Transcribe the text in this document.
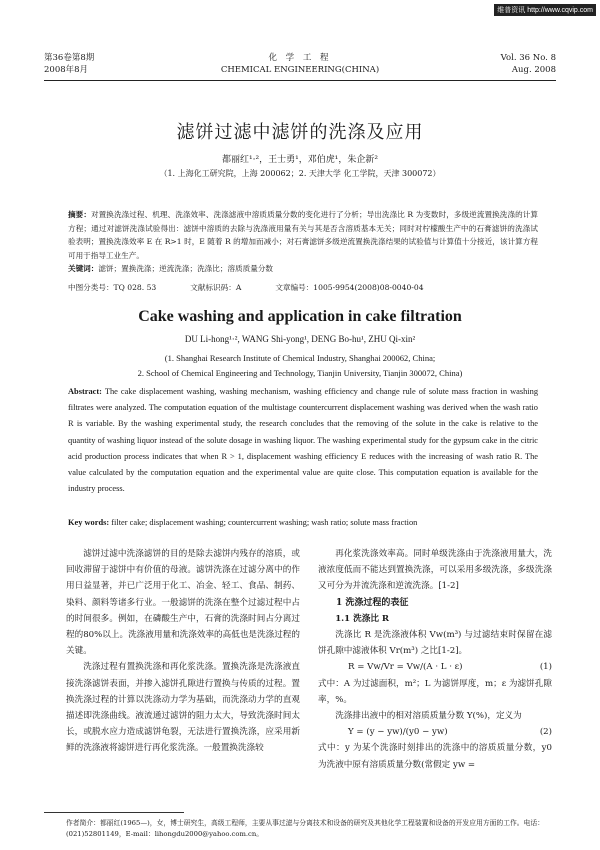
维普资讯 http://www.cqvip.com
第36卷第8期
2008年8月
化 学 工 程
CHEMICAL ENGINEERING(CHINA)
Vol. 36 No. 8
Aug. 2008
滤饼过滤中滤饼的洗涤及应用
都丽红¹·²，王士勇¹，邓伯虎¹，朱企新²
（1. 上海化工研究院，上海 200062；2. 天津大学 化工学院，天津 300072）
摘要：对置换洗涤过程、机理、洗涤效率、洗涤滤液中溶质质量分数的变化进行了分析；导出洗涤比 R 为变数时，多级逆流置换洗涤的计算方程；通过对滤饼洗涤试验得出：滤饼中溶质的去除与洗涤液用量有关与其是否含溶质基本无关；同时对柠檬酸生产中的石膏滤饼的洗涤试验表明；置换洗涤效率 E 在 R>1 时，E 随着 R 的增加而减小；对石膏滤饼多级逆流置换洗涤结果的试验值与计算值十分接近，该计算方程可用于指导工业生产。
关键词：滤饼；置换洗涤；逆流洗涤；洗涤比；溶质质量分数
中图分类号：TQ 028. 53	文献标识码：A	文章编号：1005-9954(2008)08-0040-04
Cake washing and application in cake filtration
DU Li-hong¹·², WANG Shi-yong¹, DENG Bo-hu¹, ZHU Qi-xin²
(1. Shanghai Research Institute of Chemical Industry, Shanghai 200062, China;
2. School of Chemical Engineering and Technology, Tianjin University, Tianjin 300072, China)
Abstract: The cake displacement washing, washing mechanism, washing efficiency and change rule of solute mass fraction in washing filtrates were analyzed. The computation equation of the multistage countercurrent displacement washing was derived when the wash ratio R is variable. By the washing experimental study, the research concludes that the removing of the solute in the cake is relative to the quantity of washing liquor instead of the solute dosage in washing liquor. The washing experimental study for the gypsum cake in the citric acid production process indicates that when R > 1, displacement washing efficiency E reduces with the increasing of wash ratio R. The value calculated by the computation equation and the experimental value are quite close. This computation equation is available for the industry process.
Key words: filter cake; displacement washing; countercurrent washing; wash ratio; solute mass fraction

滤饼过滤中洗涤滤饼的目的是除去滤饼内残存的溶质，或回收滞留于滤饼中有价值的母液。滤饼洗涤在过滤分离中的作用日益显著，并已广泛用于化工、冶金、轻工、食品、制药、染料、颜料等诸多行业。一般滤饼的洗涤在整个过滤过程中占的时间很多。例如，在磷酸生产中，石膏的洗涤时间占分离过程的80%以上。洗涤液用量和洗涤效率的高低也是洗涤过程的关键。

洗涤过程有置换洗涤和再化浆洗涤。置换洗涤是洗涤液直接洗涤滤饼表面，并掺入滤饼孔隙进行置换与传质的过程。置换洗涤过程的计算以洗涤动力学为基础，而洗涤动力学的直观描述即洗涤曲线。液流通过滤饼的阻力太大，导致洗涤时间太长，或脱水应力造成滤饼龟裂，无法进行置换洗涤，应采用新鲜的洗涤液将滤饼进行再化浆洗涤。一般置换洗涤较

再化浆洗涤效率高。同时单级洗涤由于洗涤液用量大，洗液浓度低而不能达到置换洗涤，可以采用多级洗涤，多级洗涤又可分为并流洗涤和逆流洗涤。[1-2]

1 洗涤过程的表征

1.1 洗涤比 R

洗涤比 R 是洗涤液体积 Vw(m³) 与过滤结束时保留在滤饼孔隙中滤液体积 Vr(m³) 之比[1-2]。

R = Vw/Vr = Vw/(A · L · ε)	(1)

式中：A 为过滤面积，m²；L 为滤饼厚度，m；ε 为滤饼孔隙率，%。

洗涤排出液中的相对溶质质量分数 Y(%)，定义为

Y = (y − yw)/(y0 − yw)	(2)

式中：y 为某个洗涤时刻排出的洗涤中的溶质质量分数，y0 为洗液中原有溶质质量分数(常假定 yw =

作者简介：都丽红(1965—)，女，博士研究生，高级工程师，主要从事过滤与分离技术和设备的研究及其他化学工程装置和设备的开发应用方面的工作。电话：(021)52801149，E-mail：lihongdu2000@yahoo.com.cn。
